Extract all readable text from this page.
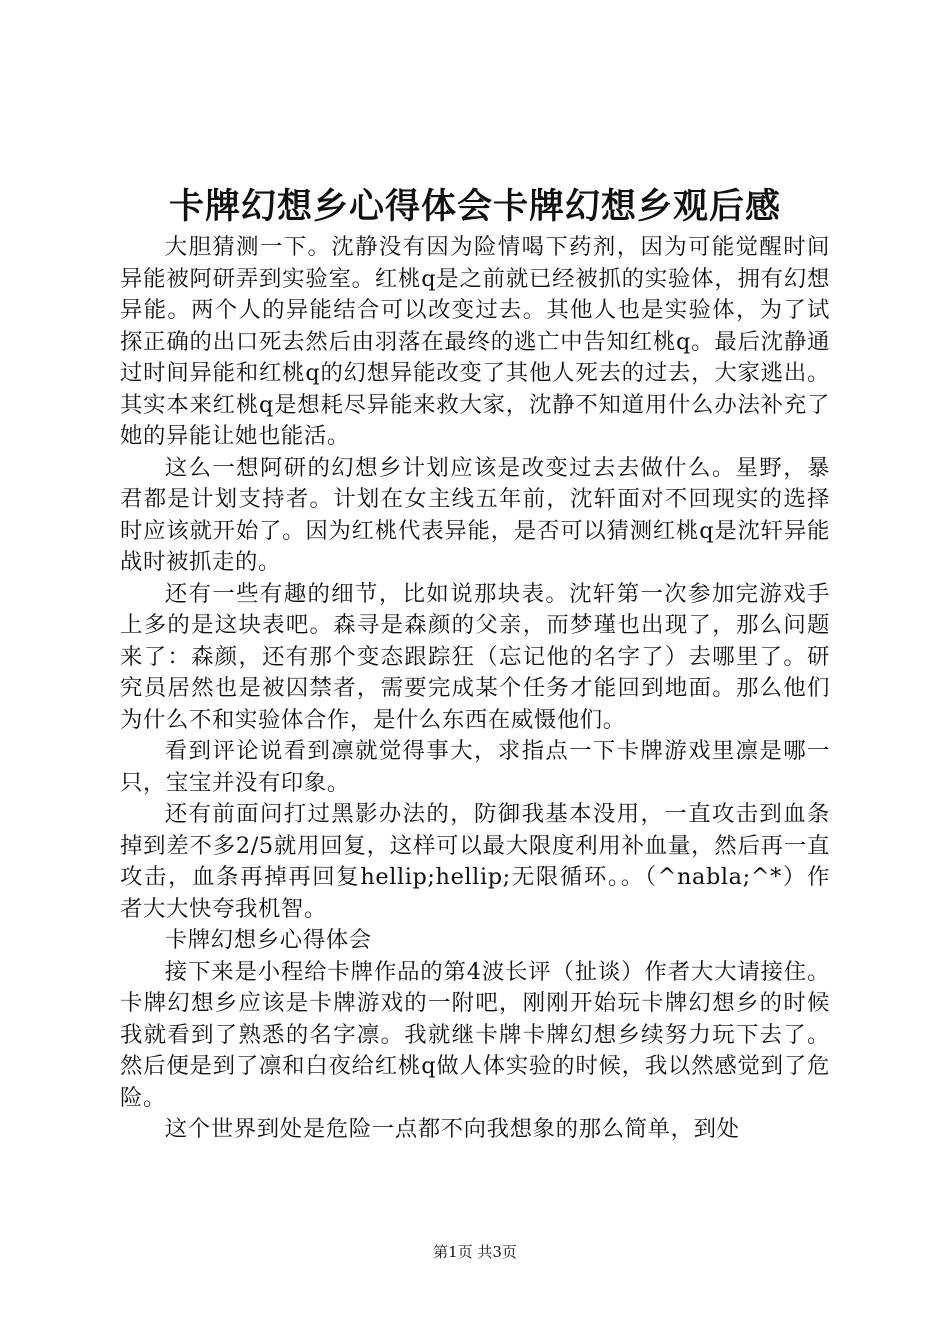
卡牌幻想乡心得体会卡牌幻想乡观后感

大胆猜测一下。沈静没有因为险情喝下药剂，因为可能觉醒时间异能被阿研弄到实验室。红桃q是之前就已经被抓的实验体，拥有幻想异能。两个人的异能结合可以改变过去。其他人也是实验体，为了试探正确的出口死去然后由羽落在最终的逃亡中告知红桃q。最后沈静通过时间异能和红桃q的幻想异能改变了其他人死去的过去，大家逃出。其实本来红桃q是想耗尽异能来救大家，沈静不知道用什么办法补充了她的异能让她也能活。

这么一想阿研的幻想乡计划应该是改变过去去做什么。星野，暴君都是计划支持者。计划在女主线五年前，沈轩面对不回现实的选择时应该就开始了。因为红桃代表异能，是否可以猜测红桃q是沈轩异能战时被抓走的。

还有一些有趣的细节，比如说那块表。沈轩第一次参加完游戏手上多的是这块表吧。森寻是森颜的父亲，而梦瑾也出现了，那么问题来了：森颜，还有那个变态跟踪狂（忘记他的名字了）去哪里了。研究员居然也是被囚禁者，需要完成某个任务才能回到地面。那么他们为什么不和实验体合作，是什么东西在威慑他们。

看到评论说看到凛就觉得事大，求指点一下卡牌游戏里凛是哪一只，宝宝并没有印象。

还有前面问打过黑影办法的，防御我基本没用，一直攻击到血条掉到差不多2/5就用回复，这样可以最大限度利用补血量，然后再一直攻击，血条再掉再回复hellip;hellip;无限循环。。（^nabla;^*）作者大大快夸我机智。

卡牌幻想乡心得体会

接下来是小程给卡牌作品的第4波长评（扯谈）作者大大请接住。卡牌幻想乡应该是卡牌游戏的一附吧，刚刚开始玩卡牌幻想乡的时候我就看到了熟悉的名字凛。我就继卡牌卡牌幻想乡续努力玩下去了。然后便是到了凛和白夜给红桃q做人体实验的时候，我以然感觉到了危险。

这个世界到处是危险一点都不向我想象的那么简单，到处

第1页 共3页
